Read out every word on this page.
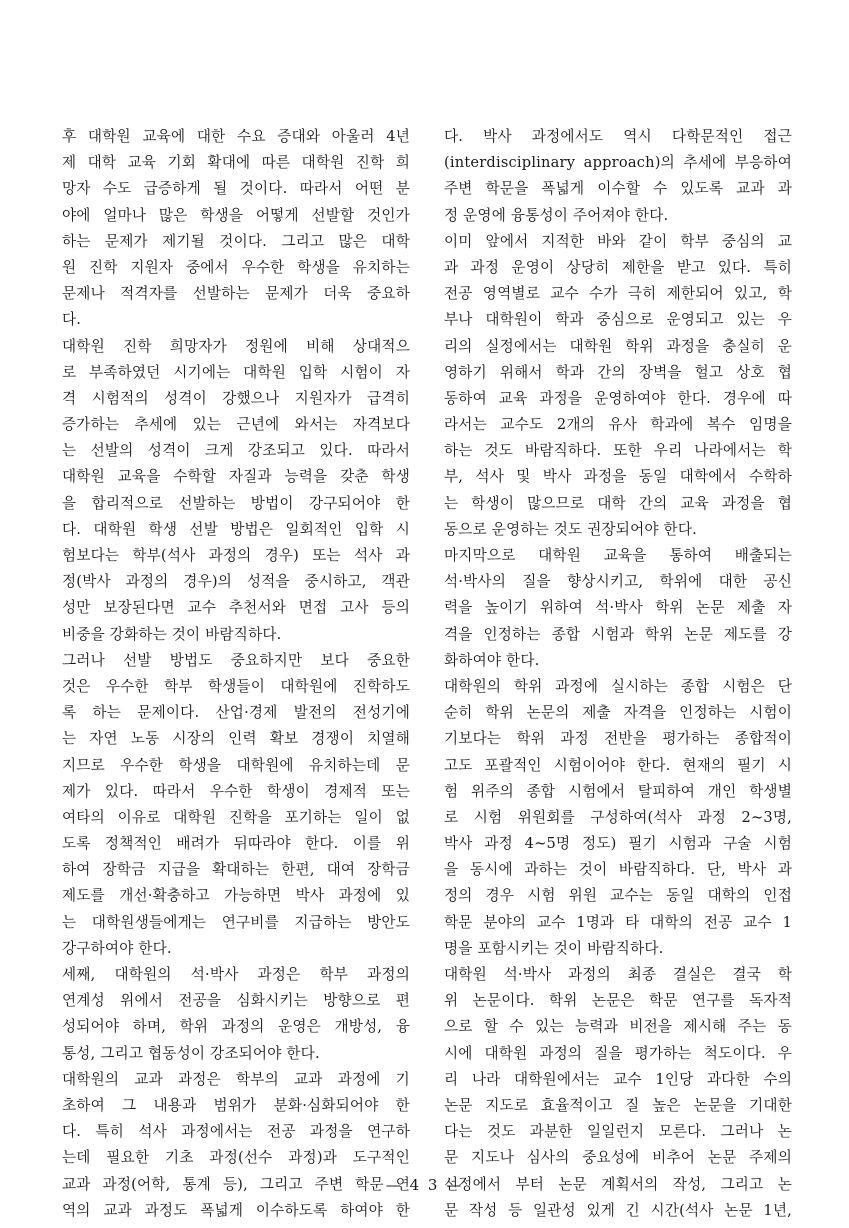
후 대학원 교육에 대한 수요 증대와 아울러 4년
제 대학 교육 기회 확대에 따른 대학원 진학 희
망자 수도 급증하게 될 것이다. 따라서 어떤 분
야에 얼마나 많은 학생을 어떻게 선발할 것인가
하는 문제가 제기될 것이다. 그리고 많은 대학
원 진학 지원자 중에서 우수한 학생을 유치하는
문제나 적격자를 선발하는 문제가 더욱 중요하
다.
대학원 진학 희망자가 정원에 비해 상대적으
로 부족하였던 시기에는 대학원 입학 시험이 자
격 시험적의 성격이 강했으나 지원자가 급격히
증가하는 추세에 있는 근년에 와서는 자격보다
는 선발의 성격이 크게 강조되고 있다. 따라서
대학원 교육을 수학할 자질과 능력을 갖춘 학생
을 합리적으로 선발하는 방법이 강구되어야 한
다. 대학원 학생 선발 방법은 일회적인 입학 시
험보다는 학부(석사 과정의 경우) 또는 석사 과
정(박사 과정의 경우)의 성적을 중시하고, 객관
성만 보장된다면 교수 추천서와 면접 고사 등의
비중을 강화하는 것이 바람직하다.
그러나 선발 방법도 중요하지만 보다 중요한
것은 우수한 학부 학생들이 대학원에 진학하도
록 하는 문제이다. 산업·경제 발전의 전성기에
는 자연 노동 시장의 인력 확보 경쟁이 치열해
지므로 우수한 학생을 대학원에 유치하는데 문
제가 있다. 따라서 우수한 학생이 경제적 또는
여타의 이유로 대학원 진학을 포기하는 일이 없
도록 정책적인 배려가 뒤따라야 한다. 이를 위
하여 장학금 지급을 확대하는 한편, 대여 장학금
제도를 개선·확충하고 가능하면 박사 과정에 있
는 대학원생들에게는 연구비를 지급하는 방안도
강구하여야 한다.
세째, 대학원의 석·박사 과정은 학부 과정의
연계성 위에서 전공을 심화시키는 방향으로 편
성되어야 하며, 학위 과정의 운영은 개방성, 융
통성, 그리고 협동성이 강조되어야 한다.
대학원의 교과 과정은 학부의 교과 과정에 기
초하여 그 내용과 범위가 분화·심화되어야 한
다. 특히 석사 과정에서는 전공 과정을 연구하
는데 필요한 기초 과정(선수 과정)과 도구적인
교과 과정(어학, 통계 등), 그리고 주변 학문 연
역의 교과 과정도 폭넓게 이수하도록 하여야 한
다. 박사 과정에서도 역시 다학문적인 접근
(interdisciplinary approach)의 추세에 부응하여
주변 학문을 폭넓게 이수할 수 있도록 교과 과
정 운영에 융통성이 주어져야 한다.
이미 앞에서 지적한 바와 같이 학부 중심의 교
과 과정 운영이 상당히 제한을 받고 있다. 특히
전공 영역별로 교수 수가 극히 제한되어 있고, 학
부나 대학원이 학과 중심으로 운영되고 있는 우
리의 실정에서는 대학원 학위 과정을 충실히 운
영하기 위해서 학과 간의 장벽을 헐고 상호 협
동하여 교육 과정을 운영하여야 한다. 경우에 따
라서는 교수도 2개의 유사 학과에 복수 임명을
하는 것도 바람직하다. 또한 우리 나라에서는 학
부, 석사 및 박사 과정을 동일 대학에서 수학하
는 학생이 많으므로 대학 간의 교육 과정을 협
동으로 운영하는 것도 권장되어야 한다.
마지막으로 대학원 교육을 통하여 배출되는
석·박사의 질을 향상시키고, 학위에 대한 공신
력을 높이기 위하여 석·박사 학위 논문 제출 자
격을 인정하는 종합 시험과 학위 논문 제도를 강
화하여야 한다.
대학원의 학위 과정에 실시하는 종합 시험은 단
순히 학위 논문의 제출 자격을 인정하는 시험이
기보다는 학위 과정 전반을 평가하는 종합적이
고도 포괄적인 시험이어야 한다. 현재의 필기 시
험 위주의 종합 시험에서 탈피하여 개인 학생별
로 시험 위원회를 구성하여(석사 과정 2~3명,
박사 과정 4~5명 정도) 필기 시험과 구술 시험
을 동시에 과하는 것이 바람직하다. 단, 박사 과
정의 경우 시험 위원 교수는 동일 대학의 인접
학문 분야의 교수 1명과 타 대학의 전공 교수 1
명을 포함시키는 것이 바람직하다.
대학원 석·박사 과정의 최종 결실은 결국 학
위 논문이다. 학위 논문은 학문 연구를 독자적
으로 할 수 있는 능력과 비전을 제시해 주는 동
시에 대학원 과정의 질을 평가하는 척도이다. 우
리 나라 대학원에서는 교수 1인당 과다한 수의
논문 지도로 효율적이고 질 높은 논문을 기대한
다는 것도 과분한 일일런지 모른다. 그러나 논
문 지도나 심사의 중요성에 비추어 논문 주제의
선정에서 부터 논문 계획서의 작성, 그리고 논
문 작성 등 일관성 있게 긴 시간(석사 논문 1년,
— 4 3 —
